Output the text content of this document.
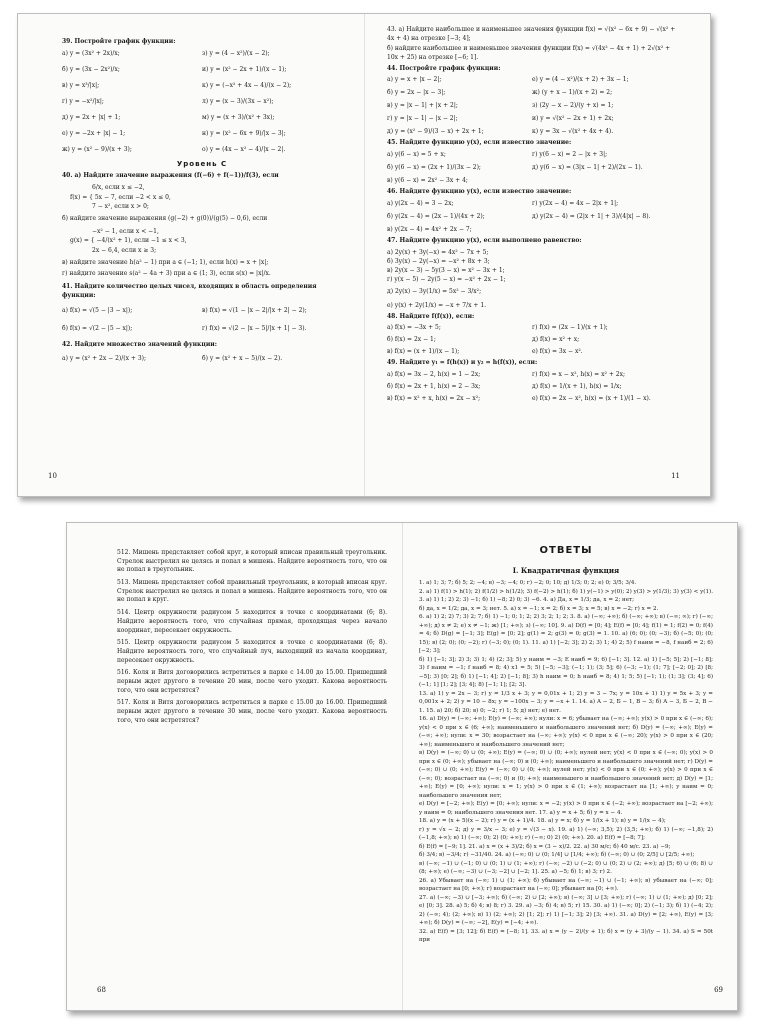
39. Постройте график функции:
а) y = (3x² + 2x)/x;	з) y = (4 − x²)/(x − 2);
б) y = (3x − 2x²)/x;	и) y = (x² − 2x + 1)/(x − 1);
в) y = x³/|x|;	к) y = (−x² + 4x − 4)/(x − 2);
г) y = −x²/|x|;	л) y = (x − 3)/(3x − x²);
д) y = 2x + |x| + 1;	м) y = (x + 3)/(x² + 3x);
е) y = −2x + |x| − 1;	н) y = (x² − 6x + 9)/|x − 3|;
ж) y = (x² − 9)/(x + 3);	о) y = (4x − x² − 4)/|x − 2|.
Уровень C
40. а) Найдите значение выражения (f(−6) + f(−1))/f(3), если
6/x, если x ≤ −2,
f(x) = { 5x − 7, если −2 < x ≤ 0,
7 − x², если x > 0;
б) найдите значение выражения (g(−2) + g(0))/(g(5) − 0,6), если
−x² − 1, если x < −1,
g(x) = { −4/(x² + 1), если −1 ≤ x < 3,
2x − 6,4, если x ≥ 3;
в) найдите значение h(a² − 1) при a ∈ (−1; 1), если h(x) = x + |x|;
г) найдите значение s(a² − 4a + 3) при a ∈ (1; 3), если s(x) = |x|/x.
41. Найдите количество целых чисел, входящих в область определения функции:
а) f(x) = √(5 − |3 − x|);	в) f(x) = √(1 − |x − 2|/|x + 2| − 2);
б) f(x) = √(2 − |5 − x|);	г) f(x) = √(2 − |x − 5|/|x + 1| − 3).
42. Найдите множество значений функции:
а) y = (x² + 2x − 2)/(x + 3);	б) y = (x² + x − 5)/(x − 2).
10
43. а) Найдите наибольшее и наименьшее значения функции f(x) = √(x² − 6x + 9) − √(x² + 4x + 4) на отрезке [−3; 4];
б) найдите наибольшее и наименьшее значения функции f(x) = √(4x² − 4x + 1) + 2√(x² + 10x + 25) на отрезке [−6; 1].
44. Постройте график функции:
а) y = x + |x − 2|;	е) y = (4 − x²)/(x + 2) + 3x − 1;
б) y = 2x − |x − 3|;	ж) (y + x − 1)/(x + 2) = 2;
в) y = |x − 1| + |x + 2|;	з) (2y − x − 2)/(y + x) = 1;
г) y = |x − 1| − |x − 2|;	и) y = √(x² − 2x + 1) + 2x;
д) y = (x² − 9)/(3 − x) + 2x + 1;	к) y = 3x − √(x² + 4x + 4).
45. Найдите функцию y(x), если известно значение:
а) y(6 − x) = 5 + x;	г) y(6 − x) = 2 − |x + 3|;
б) y(6 − x) = (2x + 1)/(3x − 2);	д) y(6 − x) = (3|x − 1| + 2)/(2x − 1).
в) y(6 − x) = 2x² − 3x + 4;
46. Найдите функцию y(x), если известно значение:
а) y(2x − 4) = 3 − 2x;	г) y(2x − 4) = 4x − 2|x + 1|;
б) y(2x − 4) = (2x − 1)/(4x + 2);	д) y(2x − 4) = (2|x + 1| + 3)/(4|x| − 8).
в) y(2x − 4) = 4x² + 2x − 7;
47. Найдите функцию y(x), если выполнено равенство:
а) 2y(x) + 3y(−x) = 4x² − 7x + 5;
б) 3y(x) − 2y(−x) = −x² + 8x + 3;
в) 2y(x − 3) − 5y(3 − x) = x² − 3x + 1;
г) y(x − 5) − 2y(5 − x) = −x² + 2x − 1;
д) 2y(x) − 3y(1/x) = 5x² − 3/x²;
е) y(x) + 2y(1/x) = −x + 7/x + 1.
48. Найдите f(f(x)), если:
а) f(x) = −3x + 5;	г) f(x) = (2x − 1)/(x + 1);
б) f(x) = 2x − 1;	д) f(x) = x² + x;
в) f(x) = (x + 1)/(x − 1);	е) f(x) = 3x − x².
49. Найдите y₁ = f(h(x)) и y₂ = h(f(x)), если:
а) f(x) = 3x − 2, h(x) = 1 − 2x;	г) f(x) = x − x², h(x) = x² + 2x;
б) f(x) = 2x + 1, h(x) = 2 − 3x;	д) f(x) = 1/(x + 1), h(x) = 1/x;
в) f(x) = x² + x, h(x) = 2x − x²;	е) f(x) = 2x − x², h(x) = (x + 1)/(1 − x).
11
512. Мишень представляет собой круг, в который вписан правильный треугольник. Стрелок выстрелил не целясь и попал в мишень. Найдите вероятность того, что он не попал в треугольник.
513. Мишень представляет собой правильный треугольник, в который вписан круг. Стрелок выстрелил не целясь и попал в мишень. Найдите вероятность того, что он не попал в круг.
514. Центр окружности радиусом 5 находится в точке с координатами (6; 8). Найдите вероятность того, что случайная прямая, проходящая через начало координат, пересекает окружность.
515. Центр окружности радиусом 5 находится в точке с координатами (6; 8). Найдите вероятность того, что случайный луч, выходящий из начала координат, пересекает окружность.
516. Коля и Витя договорились встретиться в парке с 14.00 до 15.00. Пришедший первым ждет другого в течение 20 мин, после чего уходит. Какова вероятность того, что они встретятся?
517. Коля и Витя договорились встретиться в парке с 15.00 до 16.00. Пришедший первым ждет другого в течение 30 мин, после чего уходит. Какова вероятность того, что они встретятся?
68
ОТВЕТЫ
I. Квадратичная функция
1. а) 1; 3; 7; б) 5; 2; −4; в) −3; −4; 0; г) −2; 0; 10; д) 1/3; 0; 2; е) 0; 3/5; 3/4.
2. а) 1) f(1) > h(1); 2) f(1/2) > h(1/2); 3) f(−2) > h(1); б) 1) y(−1) > y(0); 2) y(3) > y(1/3); 3) y(3) < y(1). 3. а) 1) 1; 2) 2; 3) −1; б) 1) −8; 2) 0; 3) −6. 4. а) Да, x = 1/3; да, x = 2; нет;
б) да, x = 1/2; да, x = 3; нет. 5. а) x = −1; x = 2; б) x = 3; x = 5; в) x = −2; г) x = 2.
6. а) 1) 2; 2) 7; 3) 2; 7; б) 1) −1; 0; 1; 2; 2) 3; 2; 1; 2; 3. 8. а) (−∞; +∞); б) (−∞; +∞); в) (−∞; ∞); г) (−∞; +∞); д) x ≠ 2; е) x ≠ −1; ж) [1; +∞); з) (−∞; 10]. 9. а) D(f) = [0; 4]; E(f) = [0; 4]; f(1) = 1; f(2) = 0; f(4) = 4; б) D(g) = [−1; 3]; E(g) = [0; 2]; g(1) = 2; g(3) = 0; g(3) = 1. 10. а) (6; 0); (0; −3); б) (−5; 0); (0; 15); в) (2; 0); (0; −2); г) (−3; 0); (0; 1). 11. а) 1) [−2; 3]; 2) 2; 3) 1; 4) 2; 5) f наим = −8, f наиб = 2; 6) [−2; 3];
б) 1) [−1; 3]; 2) 3; 3) 1; 4) (2; 3]; 5) y наим = −3; E наиб = 9; 6) [−1; 3]. 12. а) 1) [−5; 5]; 2) [−1; 8]; 3) f наим = −1; f наиб = 8; 4) x1 = 5; 5) [−5; −3]; (−1; 1); (3; 5]; 6) (−3; −1); (1; 7]; [−2; 0]; 2) [8; −5]; 3) [0; 2]; б) 1) [−1; 4]; 2) [−1; 8]; 3) h наим = 0; h наиб = 8; 4) 1; 5; 5) [−1; 1); (1; 3]; (3; 4]; 6) (−1; 1] [1; 2]; [3; 4]; 8) [−1; 1]; [2; 3].
13. а) 1) y = 2x − 3; г) y = 1/3 x + 3; у = 0,01x + 1; 2) y = 3 − 7x; y = 10x + 1) 1) y = 5x + 3; y = 0,001x + 2; 2) y = 10 − 8x; y = −100x − 3; y = −x + 1. 14. а) А − 2, Б − 1, В − 3; б) А − 3, Б − 2, В − 1. 15. а) 20; б) 20; в) 0; −2; г) 1; 5; д) нет; е) нет.
16. а) D(y) = (−∞; +∞); E(y) = (−∞; +∞); нули: x = 6; убывает на (−∞; +∞); y(x) > 0 при x ∈ (−∞; 6); y(x) < 0 при x ∈ (6; +∞); наименьшего и наибольшего значений нет; б) D(y) = (−∞; +∞); E(y) = (−∞; +∞); нули: x = 30; возрастает на (−∞; +∞); y(x) < 0 при x ∈ (−∞; 20); y(x) > 0 при x ∈ (20; +∞); наименьшего и наибольшего значений нет;
в) D(y) = (−∞; 0) ∪ (0; +∞); E(y) = (−∞; 0) ∪ (0; +∞); нулей нет; y(x) < 0 при x ∈ (−∞; 0); y(x) > 0 при x ∈ (0; +∞); убывает на (−∞; 0) и (0; +∞); наименьшего и наибольшего значений нет; г) D(y) = (−∞; 0) ∪ (0; +∞); E(y) = (−∞; 0) ∪ (0; +∞); нулей нет; y(x) < 0 при x ∈ (0; +∞); y(x) > 0 при x ∈ (−∞; 0); возрастает на (−∞; 0) и (0; +∞); наименьшего и наибольшего значений нет; д) D(y) = [1; +∞); E(y) = [0; +∞); нули: x = 1; y(x) > 0 при x ∈ (1; +∞); возрастает на [1; +∞); y наим = 0; наибольшего значения нет;
е) D(y) = [−2; +∞); E(y) = [0; +∞); нули: x = −2; y(x) > 0 при x ∈ (−2; +∞); возрастает на [−2; +∞); y наим = 0; наибольшего значения нет. 17. а) y = x + 5; б) y = x − 4.
18. а) y = (x + 5)(x − 2); г) y = (x + 1)/4. 18. а) y = x; б) y = 1/(x + 1); в) y = 1/(x − 4);
г) y = √x − 2; д) y = 3/x − 3; е) y = √(3 − x). 19. а) 1) (−∞; 3,5); 2) (3,5; +∞); б) 1) (−∞; −1,8); 2) (−1,8; +∞); в) 1) (−∞; 0); 2) (0; +∞); г) (−∞; 0) 2) (0; +∞). 20. а) E(f) = [−8; 7];
б) E(f) = [−9; 1]. 21. а) x = (x + 3)/2; б) x = (3 − x)/2. 22. а) 30 м/с; б) 40 м/с. 23. а) −9;
б) 3/4; в) −3/4; г) −31/40. 24. а) (−∞; 0) ∪ (0; 1/4] ∪ [1/4; +∞); б) (−∞; 0) ∪ (0; 2/5] ∪ [2/5; +∞);
в) (−∞; −1) ∪ (−1; 0) ∪ (0; 1) ∪ (1; +∞); г) (−∞; −2) ∪ (−2; 0) ∪ (0; 2) ∪ (2; +∞); д) [5; 6) ∪ (6; 8) ∪ (8; +∞); е) (−∞; −3) ∪ (−3; −2] ∪ [−2; 1]. 25. а) −5; б) 1; в) 3; г) 2.
26. а) Убывает на (−∞; 1) ∪ (1; +∞); б) убывает на (−∞; −1) ∪ (−1; +∞); в) убывает на (−∞; 0]; возрастает на [0; +∞); г) возрастает на (−∞; 0]; убывает на [0; +∞).
27. а) (−∞; −3) ∪ [−3; +∞); б) (−∞; 2) ∪ [2; +∞); в) (−∞; 3] ∪ [3; +∞); г) (−∞; 1) ∪ (1; +∞); д) [0; 2]; е) [0; 3]. 28. а) 5; б) 4; в) 8; г) 3. 29. а) −3; б) 4; в) 5; г) 15. 30. а) 1) (−∞; 0]; 2) (−1; 3); б) 1) (−4; 2); 2) (−∞; 4); (2; +∞); в) 1) (2; +∞); 2) [1; 2]; г) 1) [−1; 3]; 2) [3; +∞). 31. а) D(y) = [2; +∞), E(y) = [3; +∞); б) D(y) = (−∞; −2], E(y) = [−4; +∞).
32. а) E(f) = [3; 12]; б) E(f) = [−8; 1]. 33. а) x = (y − 2)/(y + 1); б) x = (y + 3)/(y − 1). 34. а) S = 50t при
69
